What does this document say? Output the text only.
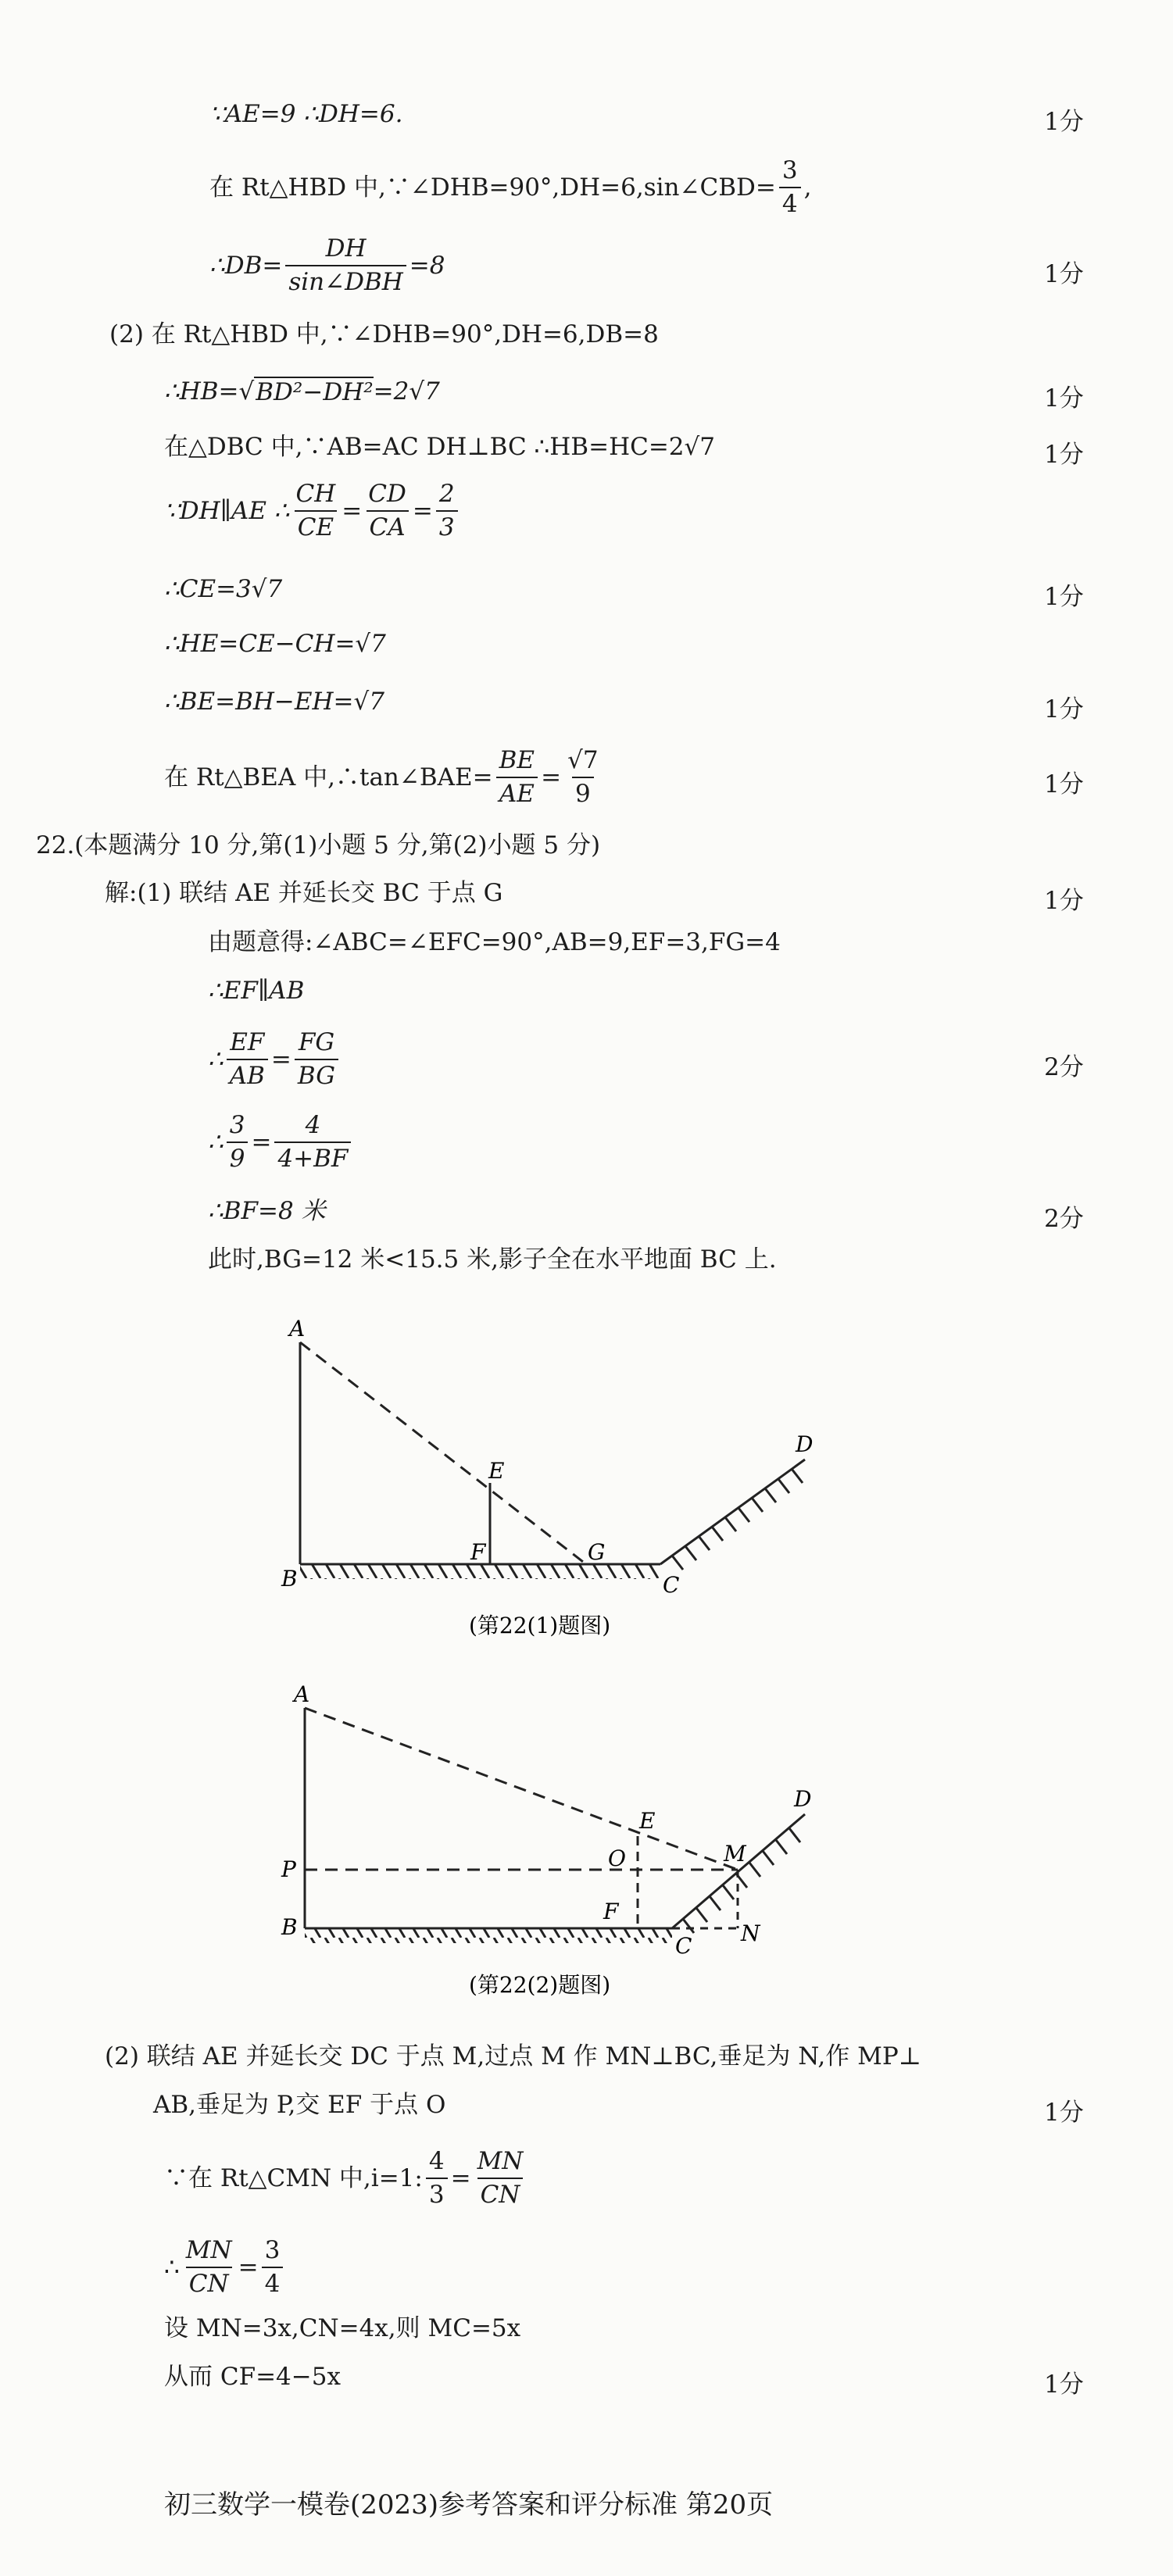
∵AE=9 ∴DH=6.	1分
在 Rt△HBD 中,∵∠DHB=90°,DH=6,sin∠CBD= $\frac{3}{4}$ ,
∴DB= $\frac{DH}{\text{sin∠DBH}} =8$	1分
(2) 在 Rt△HBD 中,∵∠DHB=90°,DH=6,DB=8
∴HB=√ BD²−DH² =2√7	1分
在△DBC 中,∵AB=AC DH⊥BC ∴HB=HC=2√7	1分
∵DH∥AE ∴ $\frac{CH}{CE} = \frac{CD}{CA} = \frac{2}{3}$
∴CE=3√7	1分
∴HE=CE−CH=√7
∴BE=BH−EH=√7	1分
在 Rt△BEA 中,∴tan∠BAE= $\frac{BE}{AE} = \frac{√7}{9}$	1分
22.(本题满分 10 分,第(1)小题 5 分,第(2)小题 5 分)
解:(1) 联结 AE 并延长交 BC 于点 G	1分
由题意得:∠ABC=∠EFC=90°,AB=9,EF=3,FG=4
∴EF∥AB
∴ $\frac{EF}{AB} = \frac{FG}{BG}$	2分
∴ $\frac{3}{9} = \frac{4}{4+BF}$
∴BF=8 米	2分
此时,BG=12 米<15.5 米,影子全在水平地面 BC 上.
A
B	C
D
E
F	G
(第22(1)题图)
A
P
B
C
D
E
F
M
N
O
(第22(2)题图)
(2) 联结 AE 并延长交 DC 于点 M,过点 M 作 MN⊥BC,垂足为 N,作 MP⊥
AB,垂足为 P,交 EF 于点 O	1分
∵在 Rt△CMN 中,i=1: $\frac{4}{3} = \frac{MN}{CN}$
∴ $\frac{MN}{CN} = \frac{3}{4}$
设 MN=3x,CN=4x,则 MC=5x
从而 CF=4−5x	1分
初三数学一模卷(2023)参考答案和评分标准 第20页
